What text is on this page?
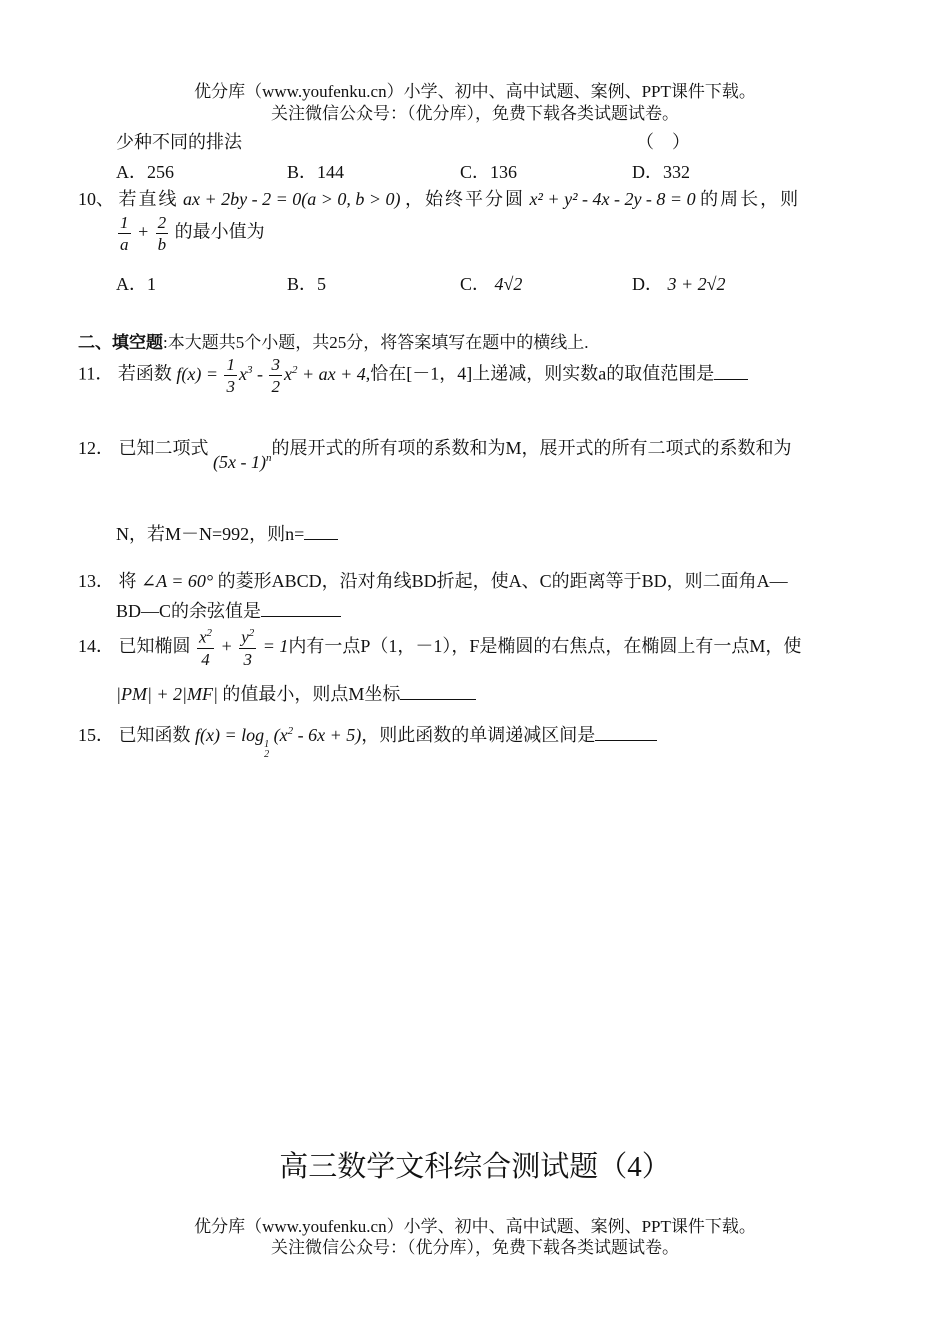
优分库（www.youfenku.cn）小学、初中、高中试题、案例、PPT课件下载。
关注微信公众号：（优分库），免费下载各类试题试卷。
少种不同的排法	（　）
A．256	B．144	C．136	D．332
10、 若直线 ax + 2by - 2 = 0(a > 0, b > 0) ，始终平分圆 x² + y² - 4x - 2y - 8 = 0 的周长，则
$\frac{1}{a} + \frac{2}{b}$ 的最小值为
A．1	B．5	C． 4√2	D． 3 + 2√2
二、填空题:本大题共5个小题，共25分，将答案填写在题中的横线上.
11． 若函数 $f(x) = \frac{1}{3} x^3 - \frac{3}{2} x^2$ + ax + 4,恰在[－1，4]上递减，则实数a的取值范围是
12． 已知二项式 (5x - 1)$^n$的展开式的所有项的系数和为M，展开式的所有二项式的系数和为
N，若M－N=992，则n=
13． 将 ∠A = 60° 的菱形ABCD，沿对角线BD折起，使A、C的距离等于BD，则二面角A—
BD—C的余弦值是
14． 已知椭圆 $\frac{x^2}{4} + \frac{y^2}{3} = 1$内有一点P（1，－1），F是椭圆的右焦点，在椭圆上有一点M，使
|PM| + 2|MF| 的值最小，则点M坐标
15． 已知函数 f(x) = log 1
2
$(x^2 - 6x + 5)$，则此函数的单调递减区间是
高三数学文科综合测试题（4）
优分库（www.youfenku.cn）小学、初中、高中试题、案例、PPT课件下载。
关注微信公众号：（优分库），免费下载各类试题试卷。
